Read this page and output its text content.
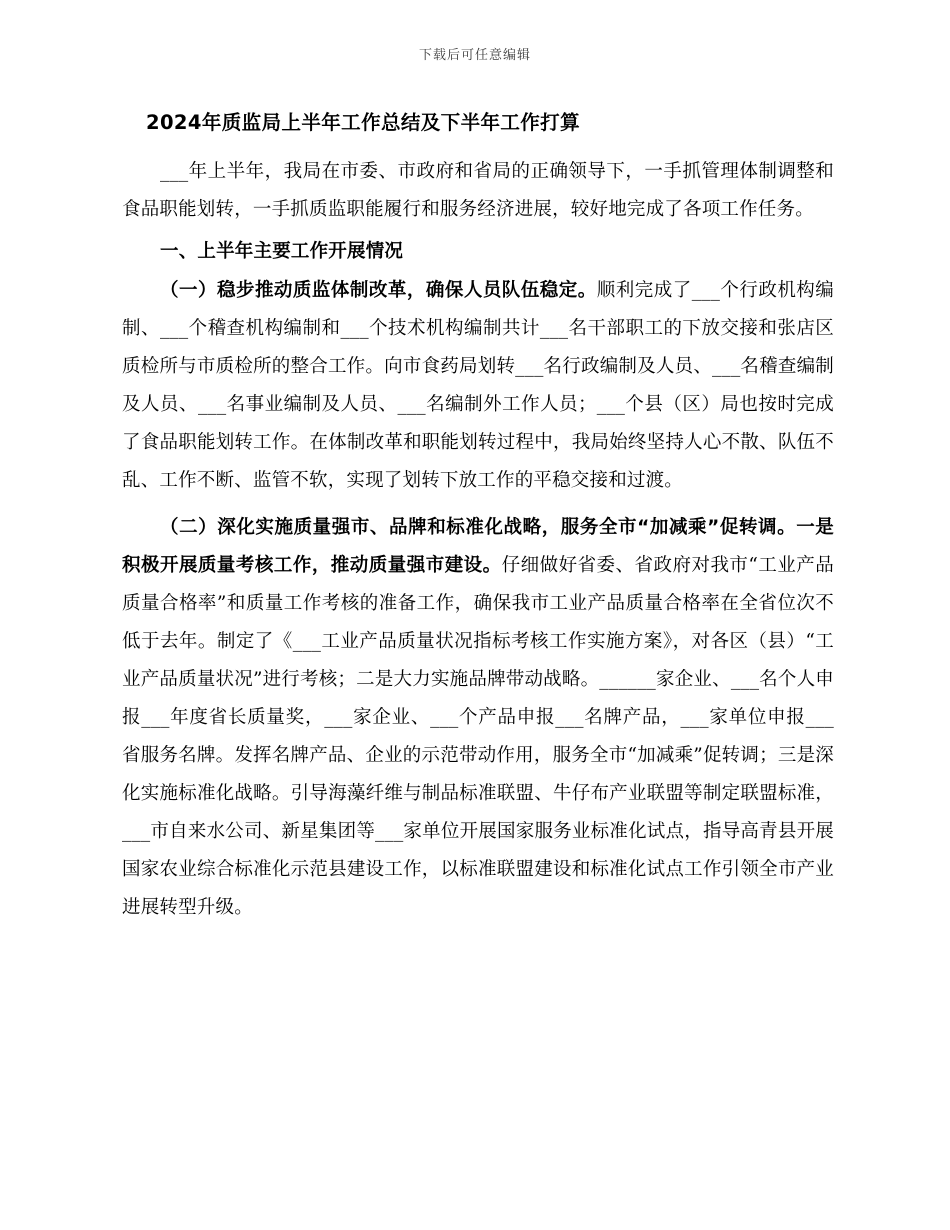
下载后可任意编辑
2024年质监局上半年工作总结及下半年工作打算

___年上半年，我局在市委、市政府和省局的正确领导下，一手抓管理体制调整和食品职能划转，一手抓质监职能履行和服务经济进展，较好地完成了各项工作任务。

一、上半年主要工作开展情况

（一）稳步推动质监体制改革，确保人员队伍稳定。顺利完成了___个行政机构编制、___个稽查机构编制和___个技术机构编制共计___名干部职工的下放交接和张店区质检所与市质检所的整合工作。向市食药局划转___名行政编制及人员、___名稽查编制及人员、___名事业编制及人员、___名编制外工作人员；___个县（区）局也按时完成了食品职能划转工作。在体制改革和职能划转过程中，我局始终坚持人心不散、队伍不乱、工作不断、监管不软，实现了划转下放工作的平稳交接和过渡。

（二）深化实施质量强市、品牌和标准化战略，服务全市“加减乘”促转调。一是积极开展质量考核工作，推动质量强市建设。仔细做好省委、省政府对我市“工业产品质量合格率”和质量工作考核的准备工作，确保我市工业产品质量合格率在全省位次不低于去年。制定了《___工业产品质量状况指标考核工作实施方案》，对各区（县）“工业产品质量状况”进行考核；二是大力实施品牌带动战略。______家企业、___名个人申报___年度省长质量奖，___家企业、___个产品申报___名牌产品，___家单位申报___省服务名牌。发挥名牌产品、企业的示范带动作用，服务全市“加减乘”促转调；三是深化实施标准化战略。引导海藻纤维与制品标准联盟、牛仔布产业联盟等制定联盟标准，___市自来水公司、新星集团等___家单位开展国家服务业标准化试点，指导高青县开展国家农业综合标准化示范县建设工作，以标准联盟建设和标准化试点工作引领全市产业进展转型升级。
